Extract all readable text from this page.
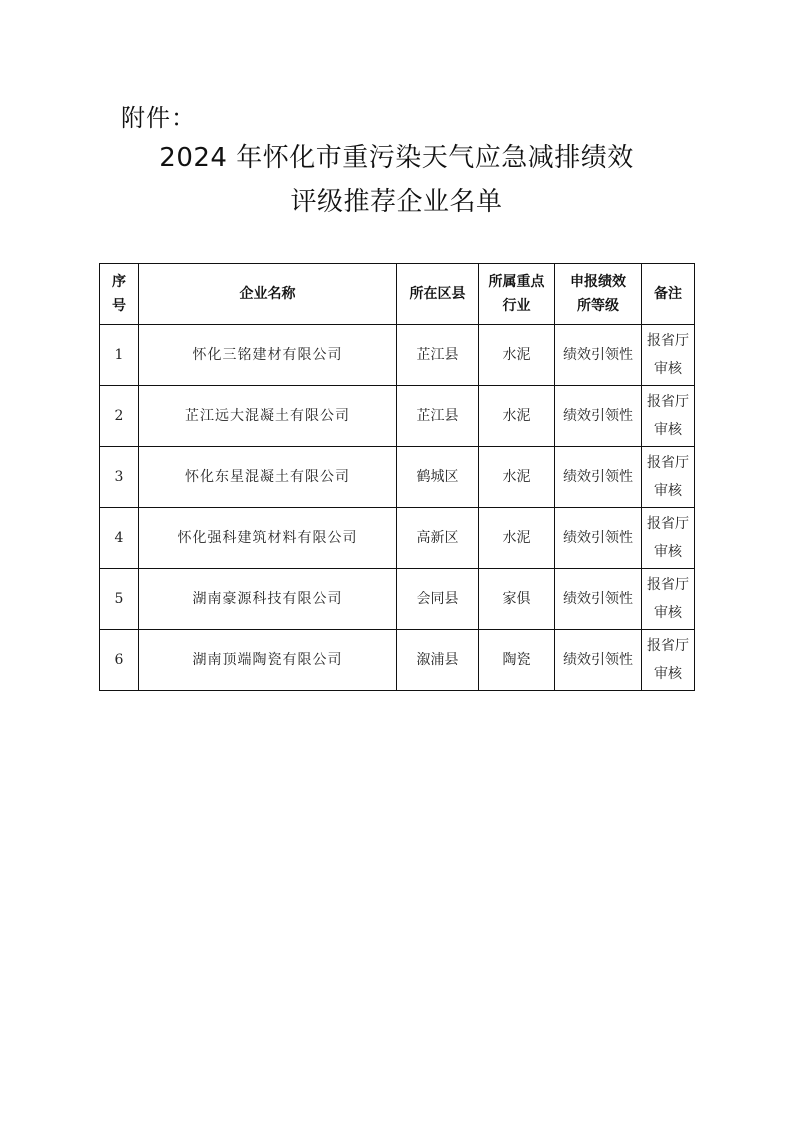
附件：
2024 年怀化市重污染天气应急减排绩效
评级推荐企业名单
序号	企业名称	所在区县	所属重点行业	申报绩效所等级	备注
1	怀化三铭建材有限公司	芷江县	水泥	绩效引领性	报省厅审核
2	芷江远大混凝土有限公司	芷江县	水泥	绩效引领性	报省厅审核
3	怀化东星混凝土有限公司	鹤城区	水泥	绩效引领性	报省厅审核
4	怀化强科建筑材料有限公司	高新区	水泥	绩效引领性	报省厅审核
5	湖南豪源科技有限公司	会同县	家俱	绩效引领性	报省厅审核
6	湖南顶端陶瓷有限公司	溆浦县	陶瓷	绩效引领性	报省厅审核
